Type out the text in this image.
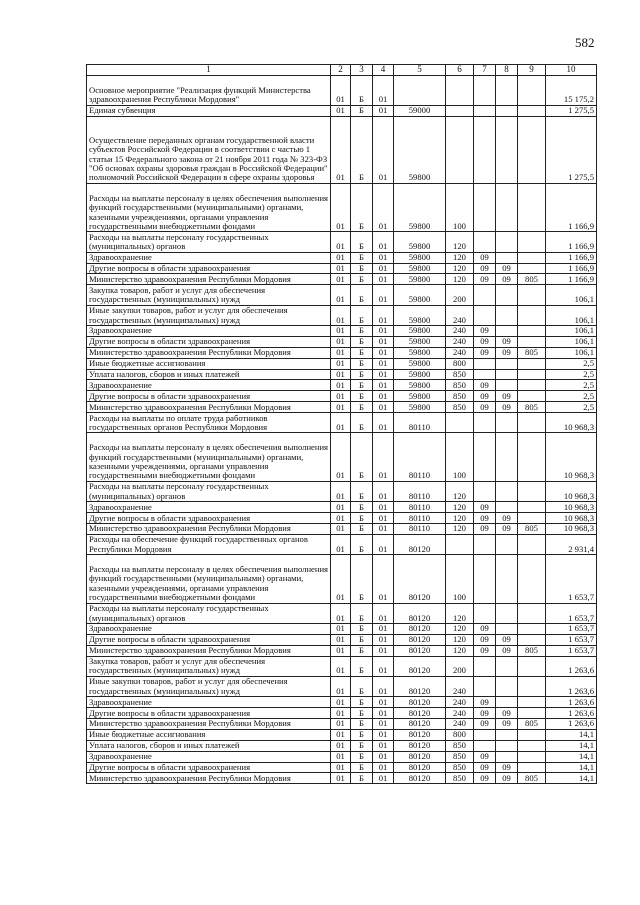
582
1	2	3	4	5	6	7	8	9	10
Основное мероприятие "Реализация функций Министерства здравоохранения Республики Мордовия"	01	Б	01						15 175,2
Единая субвенция	01	Б	01	59000					1 275,5
Осуществление переданных органам государственной власти субъектов Российской Федерации в соответствии с частью 1 статьи 15 Федерального закона от 21 ноября 2011 года № 323-ФЗ "Об основах охраны здоровья граждан в Российской Федерации" полномочий Российской Федерации в сфере охраны здоровья	01	Б	01	59800					1 275,5
Расходы на выплаты персоналу в целях обеспечения выполнения функций государственными (муниципальными) органами, казенными учреждениями, органами управления государственными внебюджетными фондами	01	Б	01	59800	100				1 166,9
Расходы на выплаты персоналу государственных (муниципальных) органов	01	Б	01	59800	120				1 166,9
Здравоохранение	01	Б	01	59800	120	09			1 166,9
Другие вопросы в области здравоохранения	01	Б	01	59800	120	09	09		1 166,9
Министерство здравоохранения Республики Мордовия	01	Б	01	59800	120	09	09	805	1 166,9
Закупка товаров, работ и услуг для обеспечения государственных (муниципальных) нужд	01	Б	01	59800	200				106,1
Иные закупки товаров, работ и услуг для обеспечения государственных (муниципальных) нужд	01	Б	01	59800	240				106,1
Здравоохранение	01	Б	01	59800	240	09			106,1
Другие вопросы в области здравоохранения	01	Б	01	59800	240	09	09		106,1
Министерство здравоохранения Республики Мордовия	01	Б	01	59800	240	09	09	805	106,1
Иные бюджетные ассигнования	01	Б	01	59800	800				2,5
Уплата налогов, сборов и иных платежей	01	Б	01	59800	850				2,5
Здравоохранение	01	Б	01	59800	850	09			2,5
Другие вопросы в области здравоохранения	01	Б	01	59800	850	09	09		2,5
Министерство здравоохранения Республики Мордовия	01	Б	01	59800	850	09	09	805	2,5
Расходы на выплаты по оплате труда работников государственных органов Республики Мордовия	01	Б	01	80110					10 968,3
Расходы на выплаты персоналу в целях обеспечения выполнения функций государственными (муниципальными) органами, казенными учреждениями, органами управления государственными внебюджетными фондами	01	Б	01	80110	100				10 968,3
Расходы на выплаты персоналу государственных (муниципальных) органов	01	Б	01	80110	120				10 968,3
Здравоохранение	01	Б	01	80110	120	09			10 968,3
Другие вопросы в области здравоохранения	01	Б	01	80110	120	09	09		10 968,3
Министерство здравоохранения Республики Мордовия	01	Б	01	80110	120	09	09	805	10 968,3
Расходы на обеспечение функций государственных органов Республики Мордовия	01	Б	01	80120					2 931,4
Расходы на выплаты персоналу в целях обеспечения выполнения функций государственными (муниципальными) органами, казенными учреждениями, органами управления государственными внебюджетными фондами	01	Б	01	80120	100				1 653,7
Расходы на выплаты персоналу государственных (муниципальных) органов	01	Б	01	80120	120				1 653,7
Здравоохранение	01	Б	01	80120	120	09			1 653,7
Другие вопросы в области здравоохранения	01	Б	01	80120	120	09	09		1 653,7
Министерство здравоохранения Республики Мордовия	01	Б	01	80120	120	09	09	805	1 653,7
Закупка товаров, работ и услуг для обеспечения государственных (муниципальных) нужд	01	Б	01	80120	200				1 263,6
Иные закупки товаров, работ и услуг для обеспечения государственных (муниципальных) нужд	01	Б	01	80120	240				1 263,6
Здравоохранение	01	Б	01	80120	240	09			1 263,6
Другие вопросы в области здравоохранения	01	Б	01	80120	240	09	09		1 263,6
Министерство здравоохранения Республики Мордовия	01	Б	01	80120	240	09	09	805	1 263,6
Иные бюджетные ассигнования	01	Б	01	80120	800				14,1
Уплата налогов, сборов и иных платежей	01	Б	01	80120	850				14,1
Здравоохранение	01	Б	01	80120	850	09			14,1
Другие вопросы в области здравоохранения	01	Б	01	80120	850	09	09		14,1
Министерство здравоохранения Республики Мордовия	01	Б	01	80120	850	09	09	805	14,1
